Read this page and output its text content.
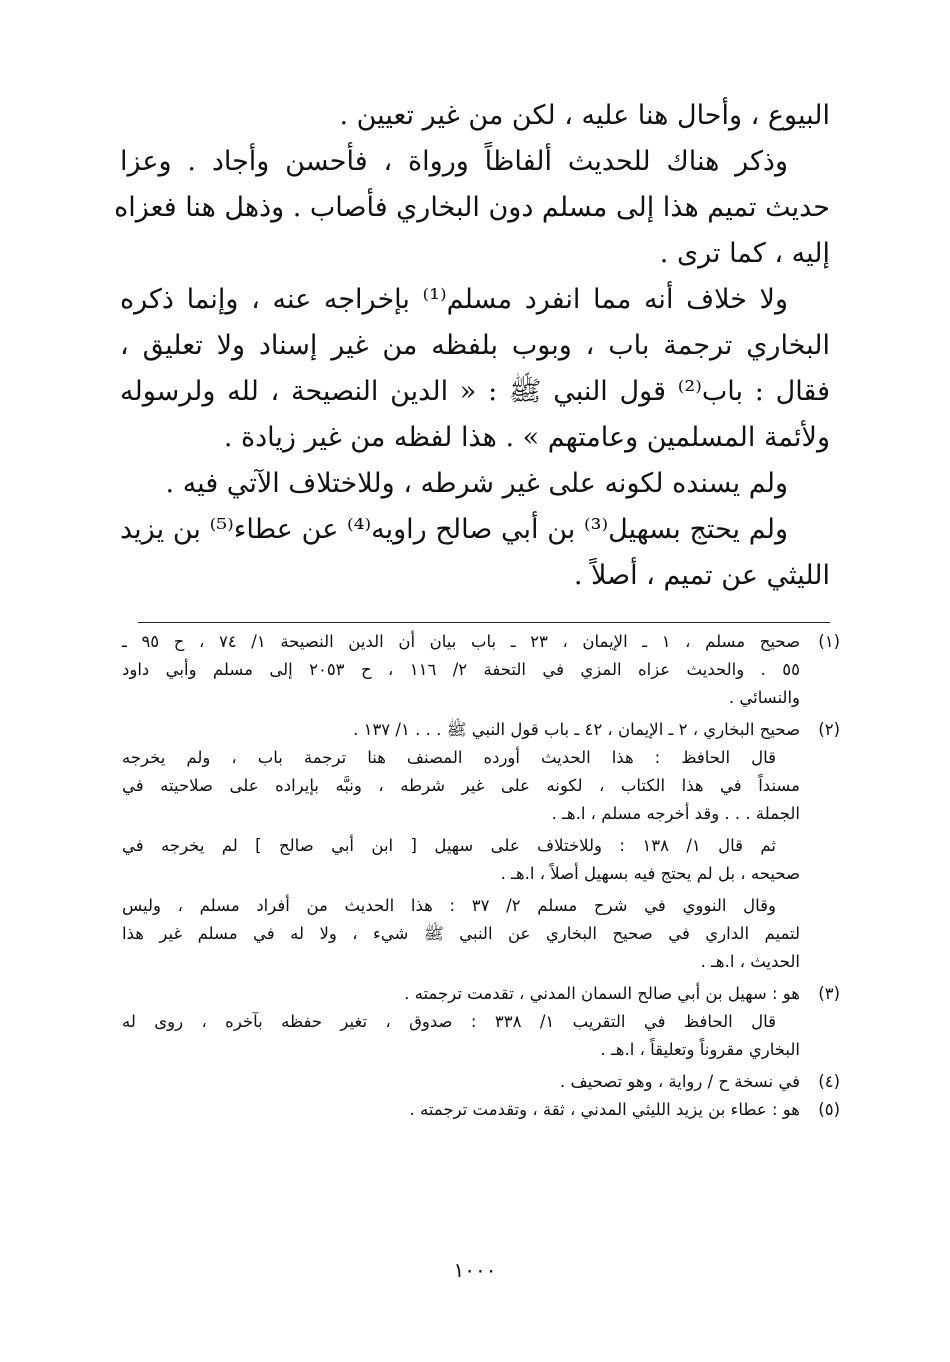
البيوع ، وأحال هنا عليه ، لكن من غير تعيين .
وذكر هناك للحديث ألفاظاً ورواة ، فأحسن وأجاد . وعزا
حديث تميم هذا إلى مسلم دون البخاري فأصاب . وذهل هنا فعزاه
إليه ، كما ترى .
ولا خلاف أنه مما انفرد مسلم⁽¹⁾ بإخراجه عنه ، وإنما ذكره
البخاري ترجمة باب ، وبوب بلفظه من غير إسناد ولا تعليق ،
فقال : باب⁽²⁾ قول النبي ﷺ : « الدين النصيحة ، لله ولرسوله
ولأئمة المسلمين وعامتهم » . هذا لفظه من غير زيادة .
ولم يسنده لكونه على غير شرطه ، وللاختلاف الآتي فيه .
ولم يحتج بسهيل⁽³⁾ بن أبي صالح راويه⁽⁴⁾ عن عطاء⁽⁵⁾ بن يزيد
الليثي عن تميم ، أصلاً .
(١)
صحيح مسلم ، ١ ـ الإيمان ، ٢٣ ـ باب بيان أن الدين النصيحة ١/ ٧٤ ، ح ٩٥ ـ
٥٥ . والحديث عزاه المزي في التحفة ٢/ ١١٦ ، ح ٢٠٥٣ إلى مسلم وأبي داود
والنسائي .
(٢)
صحيح البخاري ، ٢ ـ الإيمان ، ٤٢ ـ باب قول النبي ﷺ . . . ١/ ١٣٧ .
قال الحافظ : هذا الحديث أورده المصنف هنا ترجمة باب ، ولم يخرجه
مسنداً في هذا الكتاب ، لكونه على غير شرطه ، ونبَّه بإيراده على صلاحيته في
الجملة . . . وقد أخرجه مسلم ، ا.هـ .
ثم قال ١/ ١٣٨ : وللاختلاف على سهيل [ ابن أبي صالح ] لم يخرجه في
صحيحه ، بل لم يحتج فيه بسهيل أصلاً ، ا.هـ .
وقال النووي في شرح مسلم ٢/ ٣٧ : هذا الحديث من أفراد مسلم ، وليس
لتميم الداري في صحيح البخاري عن النبي ﷺ شيء ، ولا له في مسلم غير هذا
الحديث ، ا.هـ .
(٣)
هو : سهيل بن أبي صالح السمان المدني ، تقدمت ترجمته .
قال الحافظ في التقريب ١/ ٣٣٨ : صدوق ، تغير حفظه بآخره ، روى له
البخاري مقروناً وتعليقاً ، ا.هـ .
(٤)
في نسخة ح / رواية ، وهو تصحيف .
(٥)
هو : عطاء بن يزيد الليثي المدني ، ثقة ، وتقدمت ترجمته .
١٠٠٠
